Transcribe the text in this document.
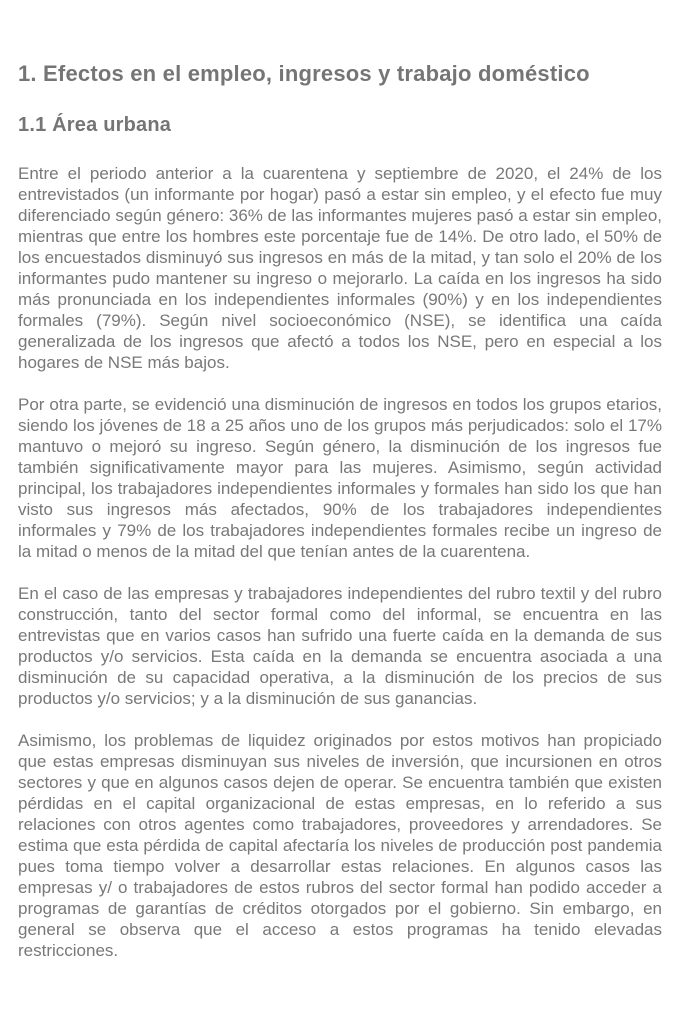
1. Efectos en el empleo, ingresos y trabajo doméstico
1.1 Área urbana

Entre el periodo anterior a la cuarentena y septiembre de 2020, el 24% de los entrevistados (un informante por hogar) pasó a estar sin empleo, y el efecto fue muy diferenciado según género: 36% de las informantes mujeres pasó a estar sin empleo, mientras que entre los hombres este porcentaje fue de 14%. De otro lado, el 50% de los encuestados disminuyó sus ingresos en más de la mitad, y tan solo el 20% de los informantes pudo mantener su ingreso o mejorarlo. La caída en los ingresos ha sido más pronunciada en los independientes informales (90%) y en los independientes formales (79%). Según nivel socioeconómico (NSE), se identifica una caída generalizada de los ingresos que afectó a todos los NSE, pero en especial a los hogares de NSE más bajos.

Por otra parte, se evidenció una disminución de ingresos en todos los grupos etarios, siendo los jóvenes de 18 a 25 años uno de los grupos más perjudicados: solo el 17% mantuvo o mejoró su ingreso. Según género, la disminución de los ingresos fue también significativamente mayor para las mujeres. Asimismo, según actividad principal, los trabajadores independientes informales y formales han sido los que han visto sus ingresos más afectados, 90% de los trabajadores independientes informales y 79% de los trabajadores independientes formales recibe un ingreso de la mitad o menos de la mitad del que tenían antes de la cuarentena.

En el caso de las empresas y trabajadores independientes del rubro textil y del rubro construcción, tanto del sector formal como del informal, se encuentra en las entrevistas que en varios casos han sufrido una fuerte caída en la demanda de sus productos y/o servicios. Esta caída en la demanda se encuentra asociada a una disminución de su capacidad operativa, a la disminución de los precios de sus productos y/o servicios; y a la disminución de sus ganancias.

Asimismo, los problemas de liquidez originados por estos motivos han propiciado que estas empresas disminuyan sus niveles de inversión, que incursionen en otros sectores y que en algunos casos dejen de operar. Se encuentra también que existen pérdidas en el capital organizacional de estas empresas, en lo referido a sus relaciones con otros agentes como trabajadores, proveedores y arrendadores. Se estima que esta pérdida de capital afectaría los niveles de producción post pandemia pues toma tiempo volver a desarrollar estas relaciones. En algunos casos las empresas y/ o trabajadores de estos rubros del sector formal han podido acceder a programas de garantías de créditos otorgados por el gobierno. Sin embargo, en general se observa que el acceso a estos programas ha tenido elevadas restricciones.
